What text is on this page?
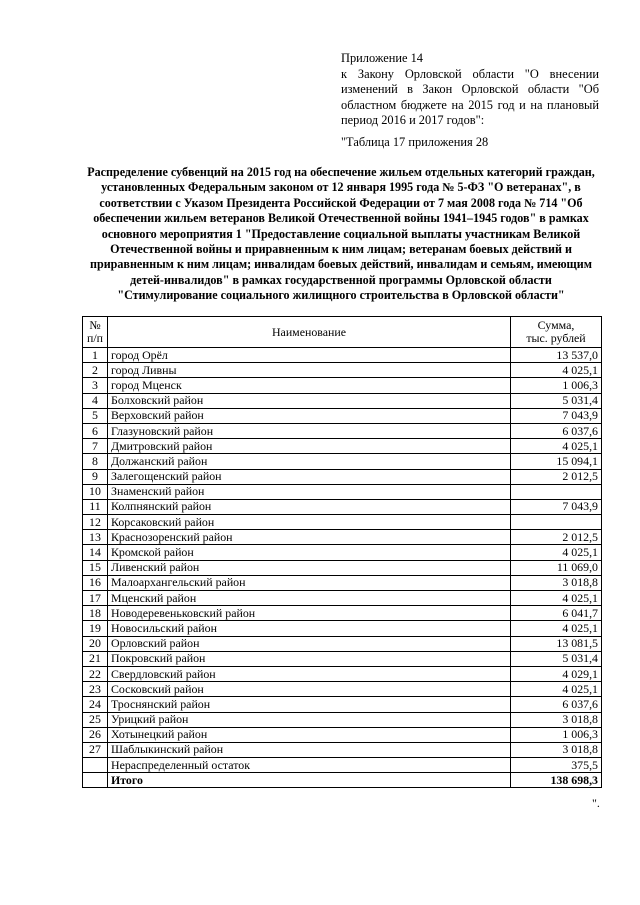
Приложение 14
к Закону Орловской области "О внесении изменений в Закон Орловской области "Об областном бюджете на 2015 год и на плановый период 2016 и 2017 годов":
"Таблица 17 приложения 28
Распределение субвенций на 2015 год на обеспечение жильем отдельных категорий граждан, установленных Федеральным законом от 12 января 1995 года № 5-ФЗ "О ветеранах", в соответствии с Указом Президента Российской Федерации от 7 мая 2008 года № 714 "Об обеспечении жильем ветеранов Великой Отечественной войны 1941–1945 годов" в рамках основного мероприятия 1 "Предоставление социальной выплаты участникам Великой Отечественной войны и приравненным к ним лицам; ветеранам боевых действий и приравненным к ним лицам; инвалидам боевых действий, инвалидам и семьям, имеющим детей-инвалидов" в рамках государственной программы Орловской области "Стимулирование социального жилищного строительства в Орловской области"
№
п/п	Наименование	Сумма,
тыс. рублей
1	город Орёл	13 537,0
2	город Ливны	4 025,1
3	город Мценск	1 006,3
4	Болховский район	5 031,4
5	Верховский район	7 043,9
6	Глазуновский район	6 037,6
7	Дмитровский район	4 025,1
8	Должанский район	15 094,1
9	Залегощенский район	2 012,5
10	Знаменский район	
11	Колпнянский район	7 043,9
12	Корсаковский район	
13	Краснозоренский район	2 012,5
14	Кромской район	4 025,1
15	Ливенский район	11 069,0
16	Малоархангельский район	3 018,8
17	Мценский район	4 025,1
18	Новодеревеньковский район	6 041,7
19	Новосильский район	4 025,1
20	Орловский район	13 081,5
21	Покровский район	5 031,4
22	Свердловский район	4 029,1
23	Сосковский район	4 025,1
24	Троснянский район	6 037,6
25	Урицкий район	3 018,8
26	Хотынецкий район	1 006,3
27	Шаблыкинский район	3 018,8
	Нераспределенный остаток	375,5
	Итого	138 698,3
".
